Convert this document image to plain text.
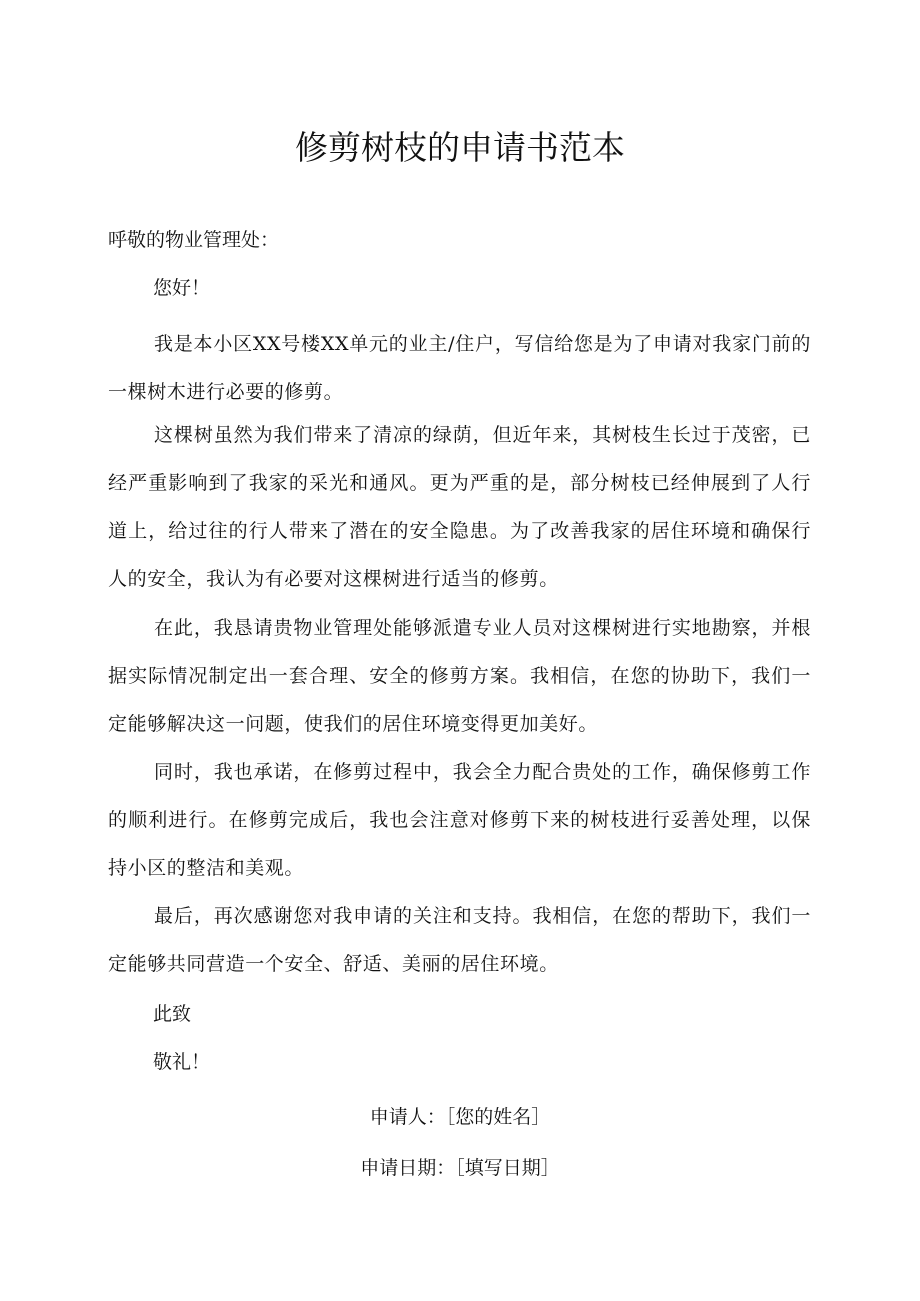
修剪树枝的申请书范本
呼敬的物业管理处：
您好！

我是本小区XX号楼XX单元的业主/住户，写信给您是为了申请对我家门前的一棵树木进行必要的修剪。

这棵树虽然为我们带来了清凉的绿荫，但近年来，其树枝生长过于茂密，已经严重影响到了我家的采光和通风。更为严重的是，部分树枝已经伸展到了人行道上，给过往的行人带来了潜在的安全隐患。为了改善我家的居住环境和确保行人的安全，我认为有必要对这棵树进行适当的修剪。

在此，我恳请贵物业管理处能够派遣专业人员对这棵树进行实地勘察，并根据实际情况制定出一套合理、安全的修剪方案。我相信，在您的协助下，我们一定能够解决这一问题，使我们的居住环境变得更加美好。

同时，我也承诺，在修剪过程中，我会全力配合贵处的工作，确保修剪工作的顺利进行。在修剪完成后，我也会注意对修剪下来的树枝进行妥善处理，以保持小区的整洁和美观。

最后，再次感谢您对我申请的关注和支持。我相信，在您的帮助下，我们一定能够共同营造一个安全、舒适、美丽的居住环境。

此致
敬礼！
申请人：［您的姓名］
申请日期：［填写日期］
